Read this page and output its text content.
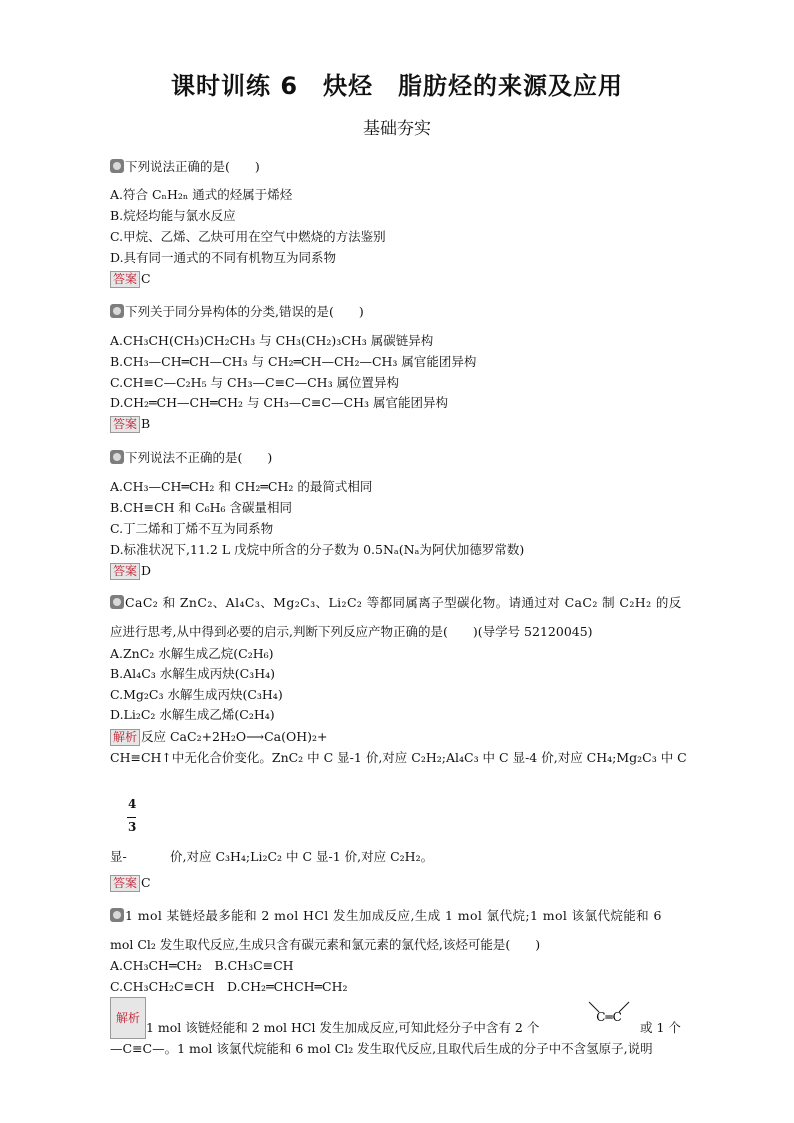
课时训练 6　炔烃　脂肪烃的来源及应用
基础夯实
下列说法正确的是(　　)
A.符合 CₙH₂ₙ 通式的烃属于烯烃
B.烷烃均能与氯水反应
C.甲烷、乙烯、乙炔可用在空气中燃烧的方法鉴别
D.具有同一通式的不同有机物互为同系物
答案 C
下列关于同分异构体的分类,错误的是(　　)
A.CH₃CH(CH₃)CH₂CH₃ 与 CH₃(CH₂)₃CH₃ 属碳链异构
B.CH₃—CH═CH—CH₃ 与 CH₂═CH—CH₂—CH₃ 属官能团异构
C.CH≡C—C₂H₅ 与 CH₃—C≡C—CH₃ 属位置异构
D.CH₂═CH—CH═CH₂ 与 CH₃—C≡C—CH₃ 属官能团异构
答案 B
下列说法不正确的是(　　)
A.CH₃—CH═CH₂ 和 CH₂═CH₂ 的最简式相同
B.CH≡CH 和 C₆H₆ 含碳量相同
C.丁二烯和丁烯不互为同系物
D.标准状况下,11.2 L 戊烷中所含的分子数为 0.5Nₐ(Nₐ为阿伏加德罗常数)
答案 D
CaC₂ 和 ZnC₂、Al₄C₃、Mg₂C₃、Li₂C₂ 等都同属离子型碳化物。请通过对 CaC₂ 制 C₂H₂ 的反
应进行思考,从中得到必要的启示,判断下列反应产物正确的是(　　)(导学号 52120045)
A.ZnC₂ 水解生成乙烷(C₂H₆)
B.Al₄C₃ 水解生成丙炔(C₃H₄)
C.Mg₂C₃ 水解生成丙炔(C₃H₄)
D.Li₂C₂ 水解生成乙烯(C₂H₄)
解析 反应 CaC₂+2H₂O⟶Ca(OH)₂+
CH≡CH↑中无化合价变化。ZnC₂ 中 C 显-1 价,对应 C₂H₂;Al₄C₃ 中 C 显-4 价,对应 CH₄;Mg₂C₃ 中 C
4
3
显-	价,对应 C₃H₄;Li₂C₂ 中 C 显-1 价,对应 C₂H₂。
答案 C
1 mol 某链烃最多能和 2 mol HCl 发生加成反应,生成 1 mol 氯代烷;1 mol 该氯代烷能和 6
mol Cl₂ 发生取代反应,生成只含有碳元素和氯元素的氯代烃,该烃可能是(　　)
A.CH₃CH═CH₂　B.CH₃C≡CH
C.CH₃CH₂C≡CH　D.CH₂═CHCH═CH₂
解析
1 mol 该链烃能和 2 mol HCl 发生加成反应,可知此烃分子中含有 2 个
C═C
或 1 个
—C≡C—。1 mol 该氯代烷能和 6 mol Cl₂ 发生取代反应,且取代后生成的分子中不含氢原子,说明
